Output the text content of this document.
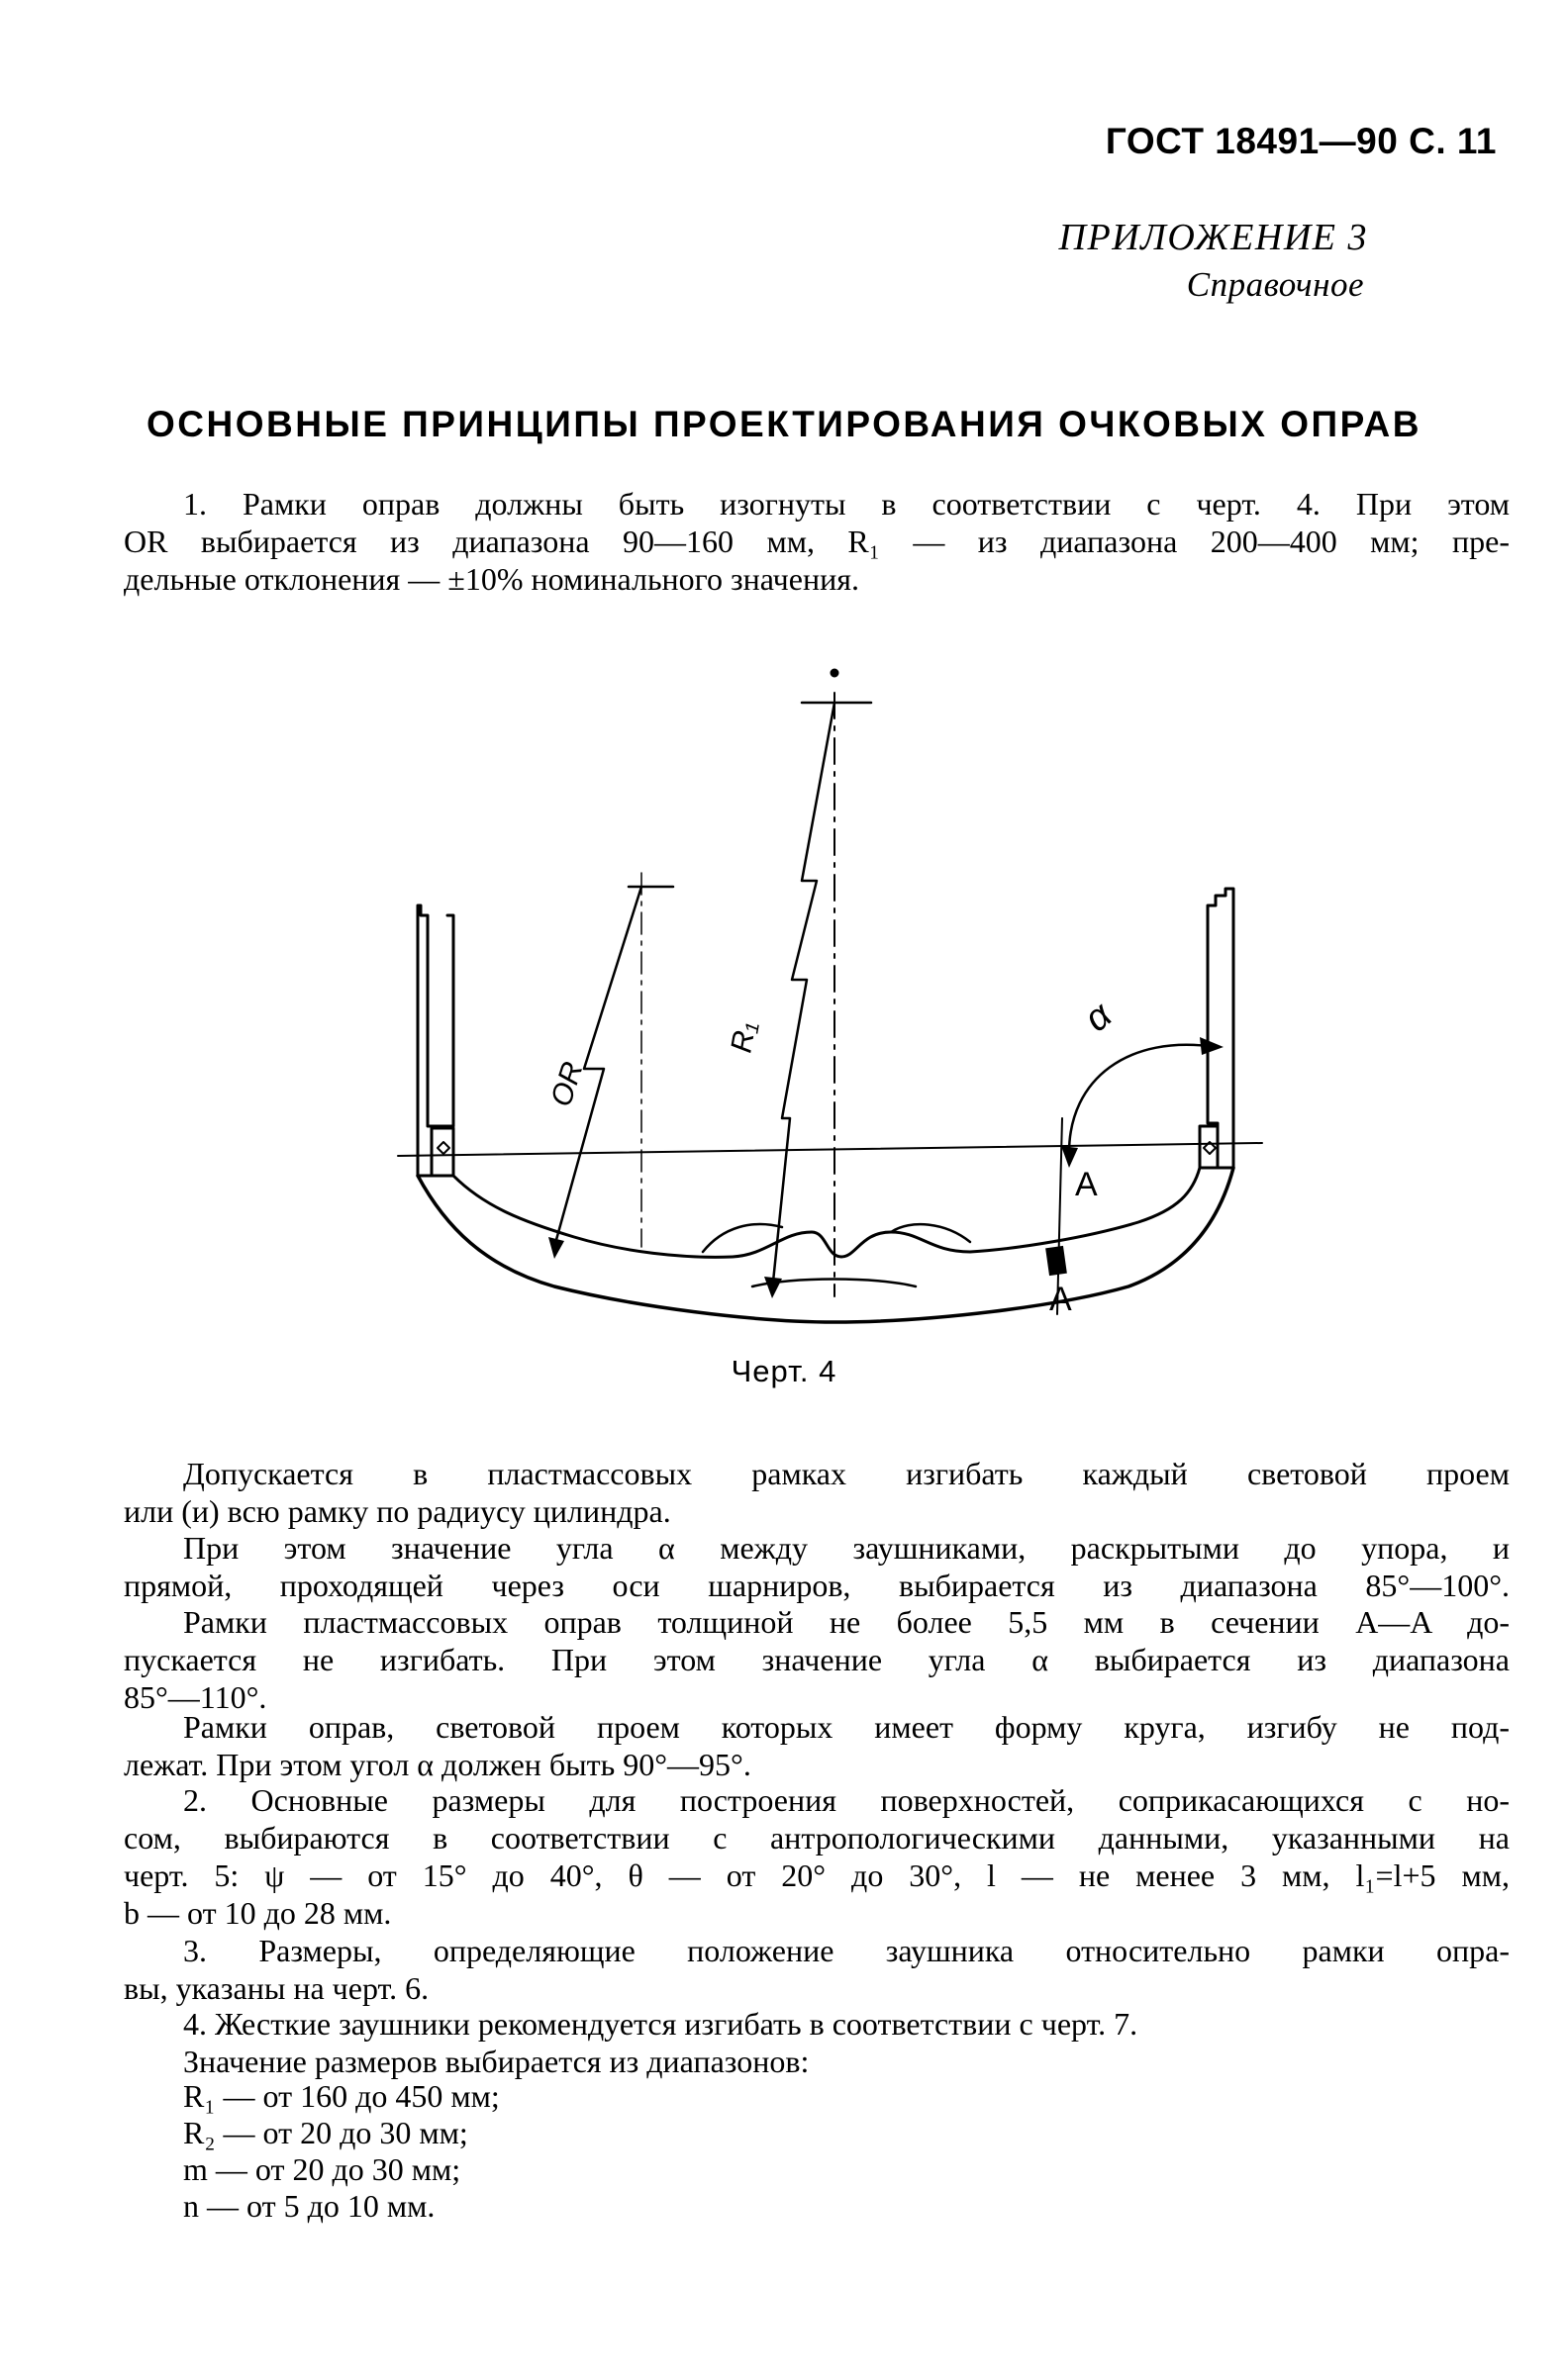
ГОСТ 18491—90 С. 11
ПРИЛОЖЕНИЕ 3
Справочное
ОСНОВНЫЕ ПРИНЦИПЫ ПРОЕКТИРОВАНИЯ ОЧКОВЫХ ОПРАВ
1. Рамки оправ должны быть изогнуты в соответствии с черт. 4. При этом
OR выбирается из диапазона 90—160 мм, R₁ — из диапазона 200—400 мм; пре-
дельные отклонения — ±10% номинального значения.
OR
R₁	α
A
A
Черт. 4
Допускается в пластмассовых рамках изгибать каждый световой проем
или (и) всю рамку по радиусу цилиндра.
При этом значение угла α между заушниками, раскрытыми до упора, и
прямой, проходящей через оси шарниров, выбирается из диапазона 85°—100°.
Рамки пластмассовых оправ толщиной не более 5,5 мм в сечении A—A до-
пускается не изгибать. При этом значение угла α выбирается из диапазона
85°—110°.
Рамки оправ, световой проем которых имеет форму круга, изгибу не под-
лежат. При этом угол α должен быть 90°—95°.
2. Основные размеры для построения поверхностей, соприкасающихся с но-
сом, выбираются в соответствии с антропологическими данными, указанными на
черт. 5: ψ — от 15° до 40°, θ — от 20° до 30°, l — не менее 3 мм, l₁=l+5 мм,
b — от 10 до 28 мм.
3. Размеры, определяющие положение заушника относительно рамки опра-
вы, указаны на черт. 6.
4. Жесткие заушники рекомендуется изгибать в соответствии с черт. 7.
Значение размеров выбирается из диапазонов:
R₁ — от 160 до 450 мм;
R₂ — от 20 до 30 мм;
m — от 20 до 30 мм;
n — от 5 до 10 мм.
